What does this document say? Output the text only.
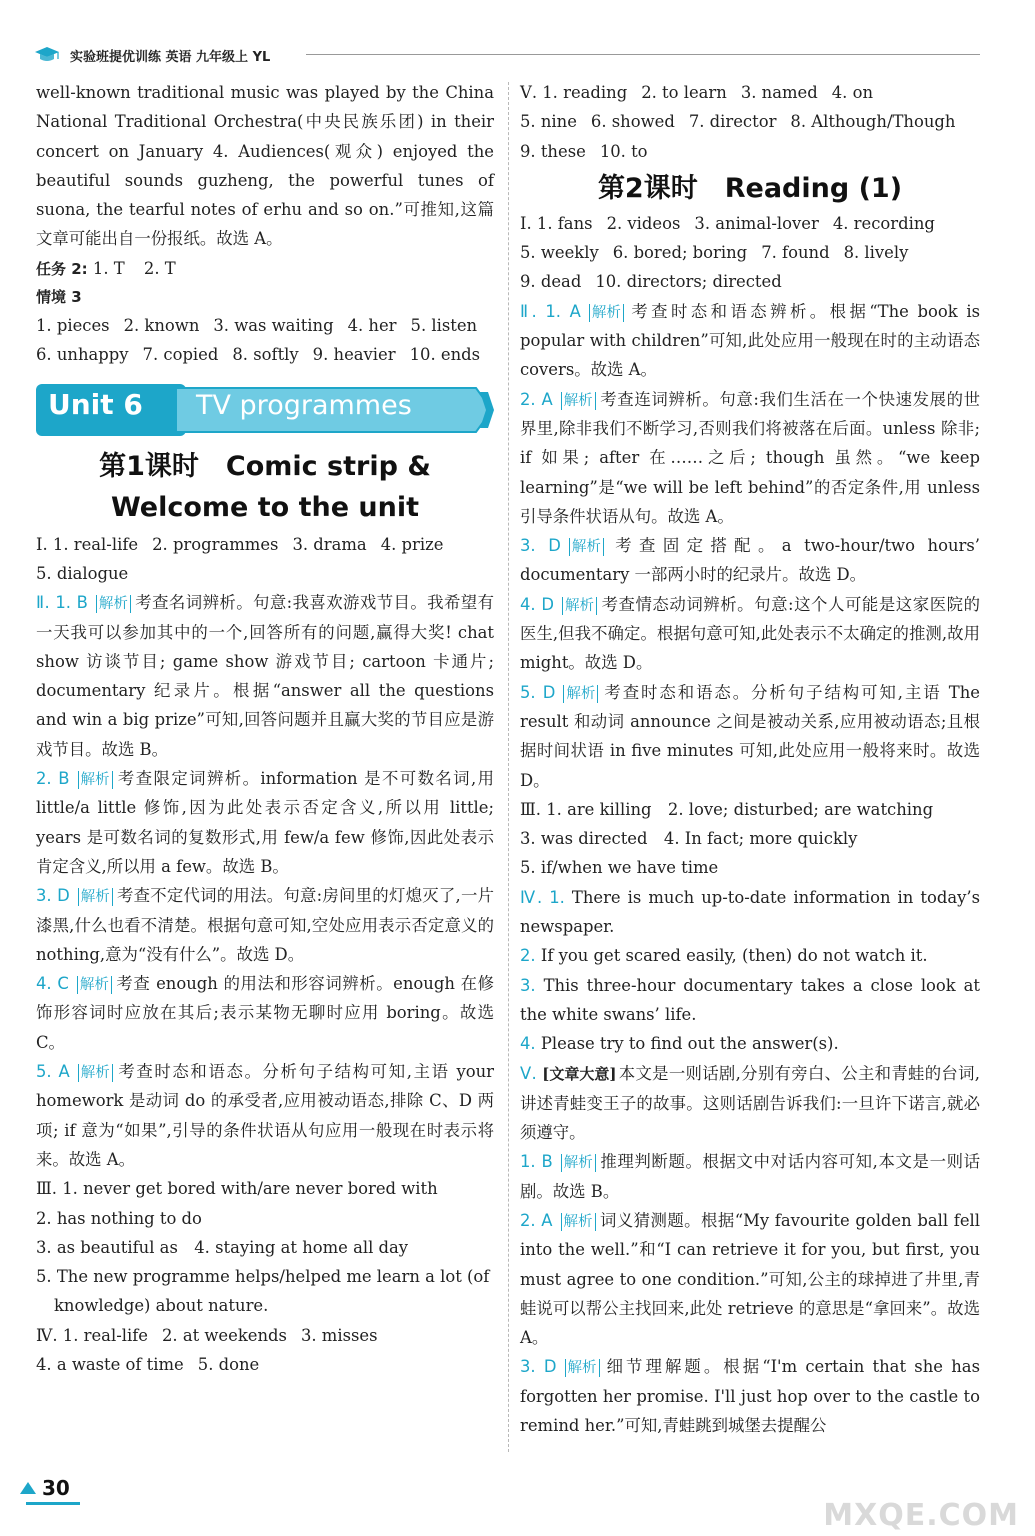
实验班提优训练 英语 九年级上 YL

well-known traditional music was played by the China National Traditional Orchestra(中央民族乐团) in their concert on January 4. Audiences(观众) enjoyed the beautiful sounds guzheng, the powerful tunes of suona, the tearful notes of erhu and so on.”可推知,这篇文章可能出自一份报纸。故选 A。

任务 2: 1. T 2. T
情境 3
1. pieces 2. known 3. was waiting 4. her 5. listen
6. unhappy 7. copied 8. softly 9. heavier 10. ends
Unit 6 TV programmes
第1课时　Comic strip &
Welcome to the unit
Ⅰ. 1. real-life 2. programmes 3. drama 4. prize
5. dialogue
Ⅱ. 1. B 解析 考查名词辨析。句意:我喜欢游戏节目。我希望有一天我可以参加其中的一个,回答所有的问题,赢得大奖! chat show 访谈节目; game show 游戏节目; cartoon 卡通片; documentary 纪录片。根据“answer all the questions and win a big prize”可知,回答问题并且赢大奖的节目应是游戏节目。故选 B。
2. B 解析 考查限定词辨析。information 是不可数名词,用 little/a little 修饰,因为此处表示否定含义,所以用 little; years 是可数名词的复数形式,用 few/a few 修饰,因此处表示肯定含义,所以用 a few。故选 B。
3. D 解析 考查不定代词的用法。句意:房间里的灯熄灭了,一片漆黑,什么也看不清楚。根据句意可知,空处应用表示否定意义的 nothing,意为“没有什么”。故选 D。
4. C 解析 考查 enough 的用法和形容词辨析。enough 在修饰形容词时应放在其后;表示某物无聊时应用 boring。故选 C。
5. A 解析 考查时态和语态。分析句子结构可知,主语 your homework 是动词 do 的承受者,应用被动语态,排除 C、D 两项; if 意为“如果”,引导的条件状语从句应用一般现在时表示将来。故选 A。
Ⅲ. 1. never get bored with/are never bored with
2. has nothing to do
3. as beautiful as　4. staying at home all day
5. The new programme helps/helped me learn a lot (of
knowledge) about nature.
Ⅳ. 1. real-life 2. at weekends 3. misses
4. a waste of time 5. done
Ⅴ. 1. reading 2. to learn 3. named 4. on
5. nine 6. showed 7. director 8. Although/Though
9. these 10. to
第2课时　Reading (1)
Ⅰ. 1. fans 2. videos 3. animal-lover 4. recording
5. weekly 6. bored; boring 7. found 8. lively
9. dead 10. directors; directed
Ⅱ. 1. A 解析 考查时态和语态辨析。根据“The book is popular with children”可知,此处应用一般现在时的主动语态 covers。故选 A。
2. A 解析 考查连词辨析。句意:我们生活在一个快速发展的世界里,除非我们不断学习,否则我们将被落在后面。unless 除非; if 如果; after 在……之后; though 虽然。“we keep learning”是“we will be left behind”的否定条件,用 unless 引导条件状语从句。故选 A。
3. D 解析 考查固定搭配。a two-hour/two hours’ documentary 一部两小时的纪录片。故选 D。
4. D 解析 考查情态动词辨析。句意:这个人可能是这家医院的医生,但我不确定。根据句意可知,此处表示不太确定的推测,故用 might。故选 D。
5. D 解析 考查时态和语态。分析句子结构可知,主语 The result 和动词 announce 之间是被动关系,应用被动语态;且根据时间状语 in five minutes 可知,此处应用一般将来时。故选 D。
Ⅲ. 1. are killing　2. love; disturbed; are watching
3. was directed　4. In fact; more quickly
5. if/when we have time
Ⅳ. 1. There is much up-to-date information in today’s newspaper.
2. If you get scared easily, (then) do not watch it.
3. This three-hour documentary takes a close look at the white swans’ life.
4. Please try to find out the answer(s).
Ⅴ. [文章大意] 本文是一则话剧,分别有旁白、公主和青蛙的台词,讲述青蛙变王子的故事。这则话剧告诉我们:一旦许下诺言,就必须遵守。
1. B 解析 推理判断题。根据文中对话内容可知,本文是一则话剧。故选 B。
2. A 解析 词义猜测题。根据“My favourite golden ball fell into the well.”和“I can retrieve it for you, but first, you must agree to one condition.”可知,公主的球掉进了井里,青蛙说可以帮公主找回来,此处 retrieve 的意思是“拿回来”。故选 A。
3. D 解析 细节理解题。根据“I'm certain that she has forgotten her promise. I'll just hop over to the castle to remind her.”可知,青蛙跳到城堡去提醒公
30
MXQE.COM
